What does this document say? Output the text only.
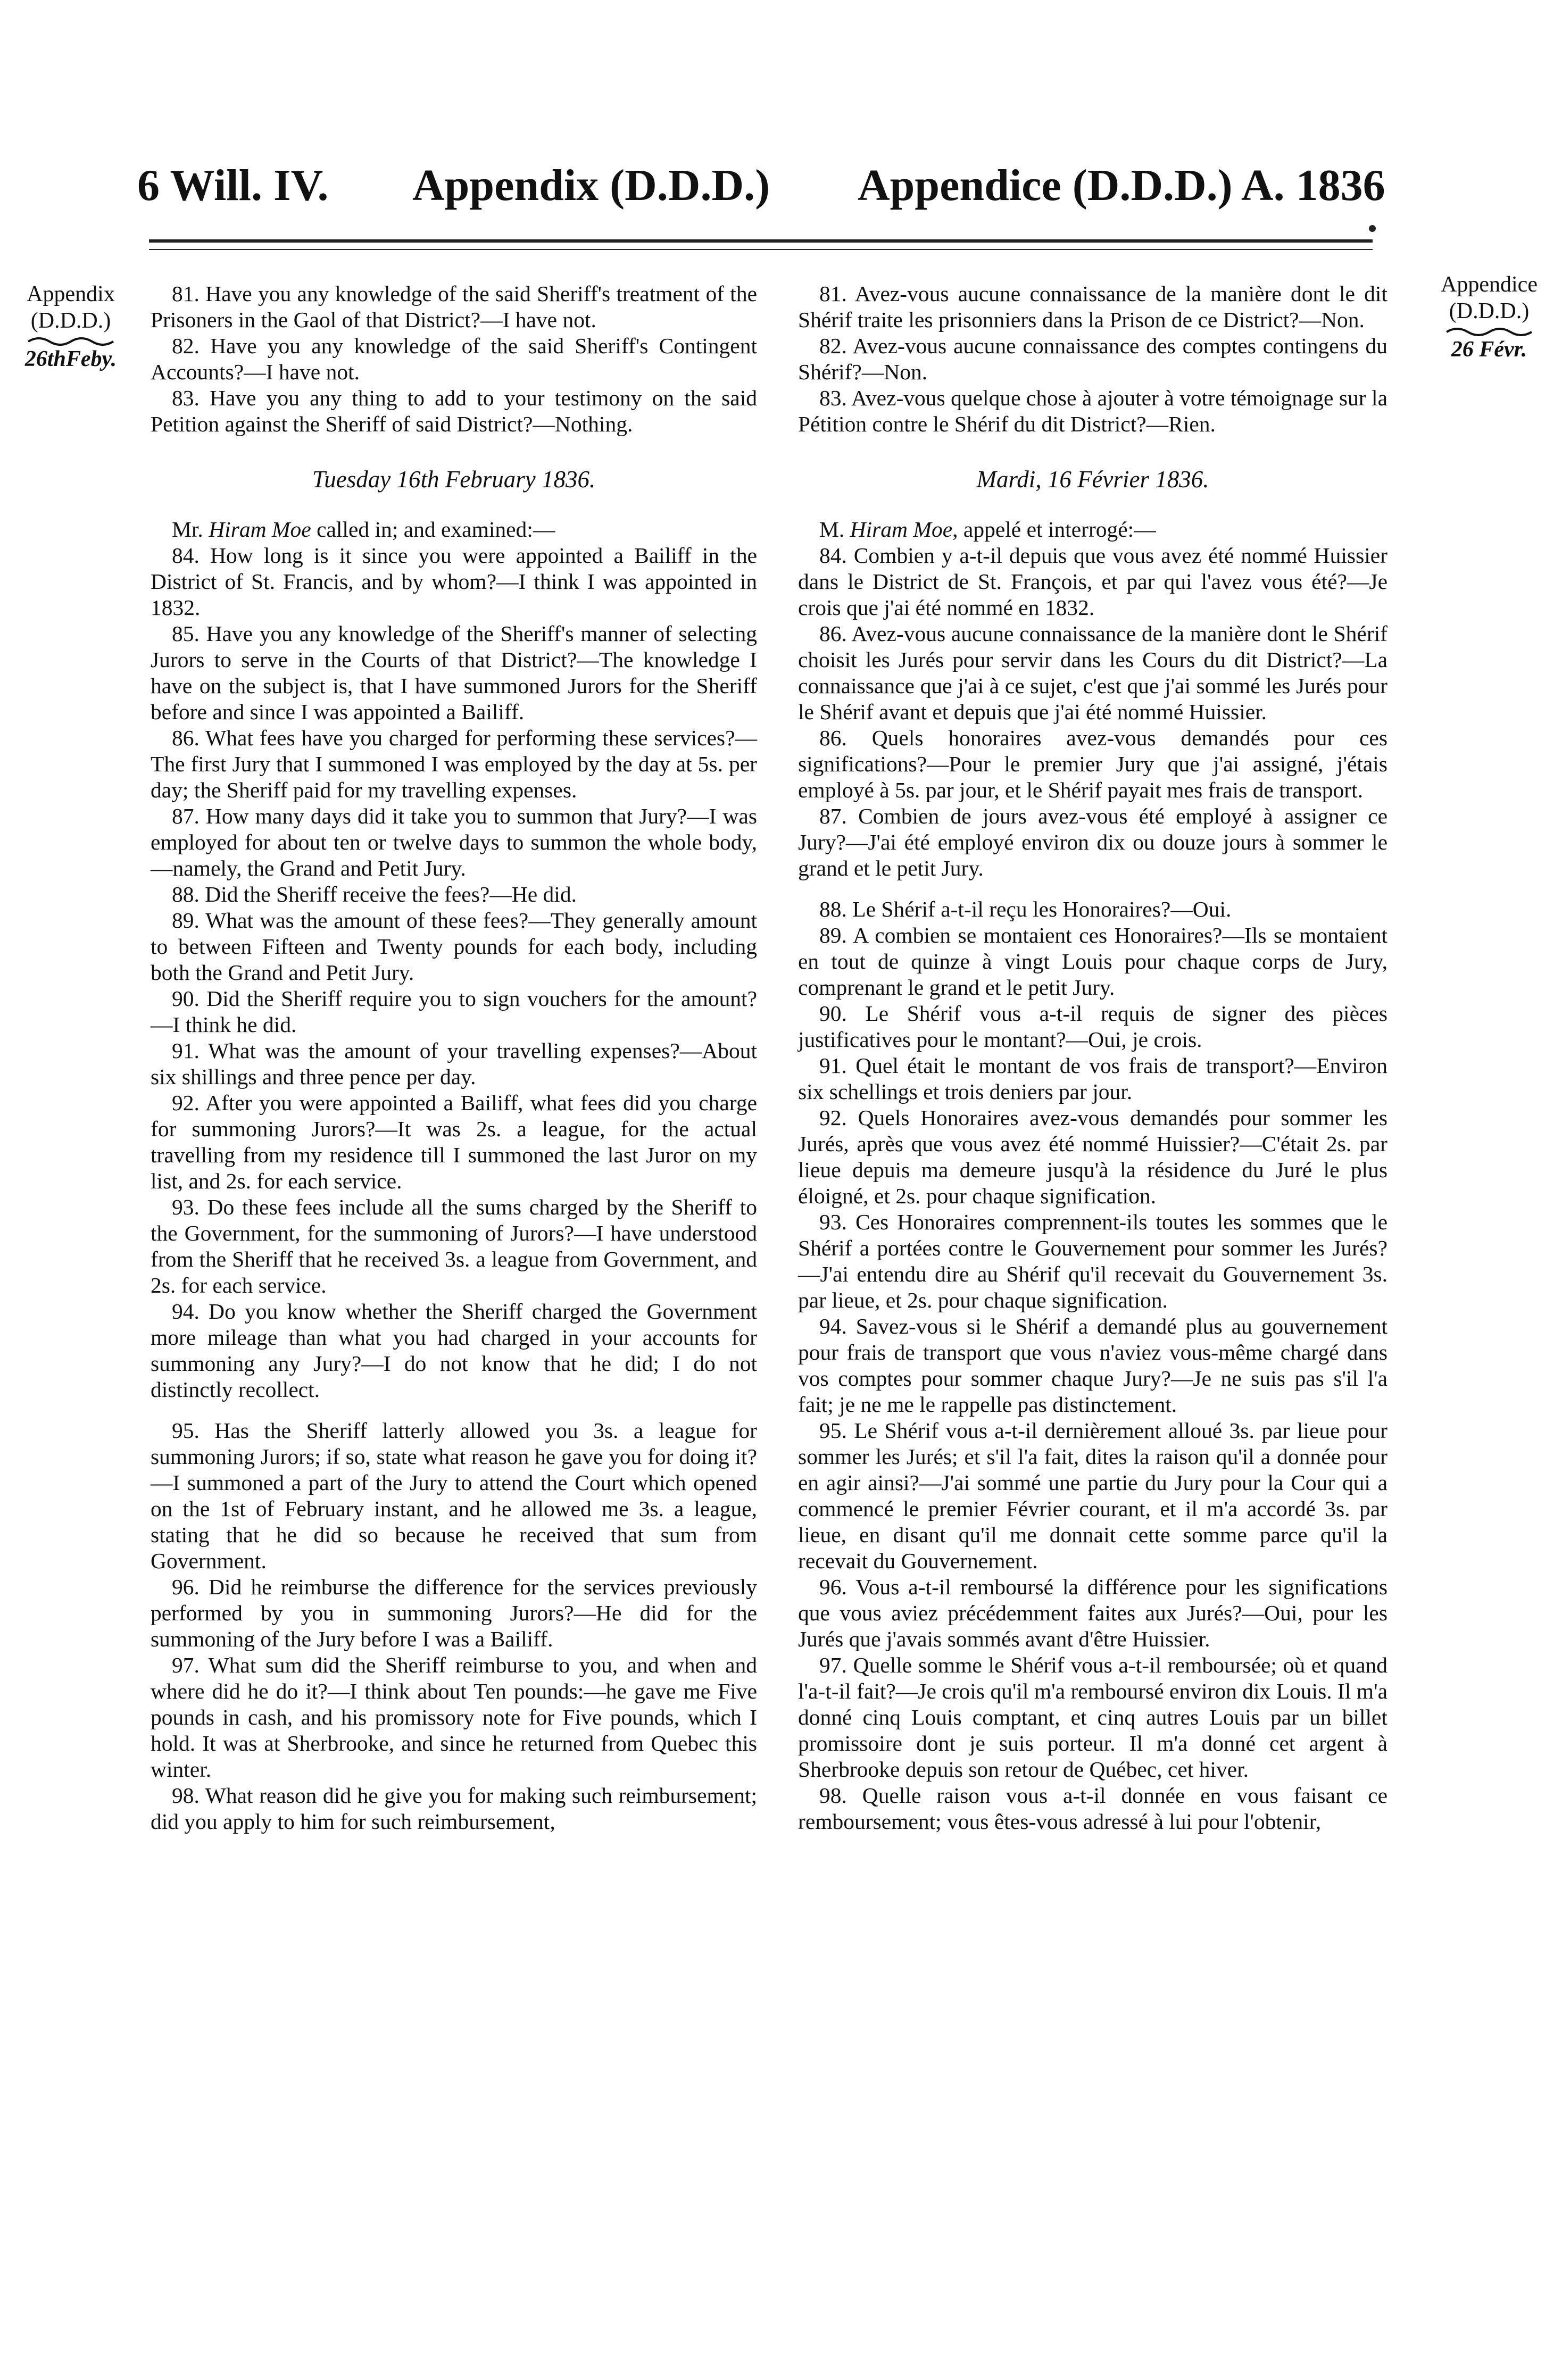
6 Will. IV. Appendix (D.D.D.) Appendice (D.D.D.) A. 1836
Appendix
(D.D.D.)
26thFeby.
Appendice
(D.D.D.)
26 Févr.

81. Have you any knowledge of the said Sheriff's treatment of the Prisoners in the Gaol of that District?—I have not.

82. Have you any knowledge of the said Sheriff's Contingent Accounts?—I have not.

83. Have you any thing to add to your testimony on the said Petition against the Sheriff of said District?—Nothing.

Tuesday 16th February 1836.

Mr. Hiram Moe called in; and examined:—

84. How long is it since you were appointed a Bailiff in the District of St. Francis, and by whom?—I think I was appointed in 1832.

85. Have you any knowledge of the Sheriff's manner of selecting Jurors to serve in the Courts of that District?—The knowledge I have on the subject is, that I have summoned Jurors for the Sheriff before and since I was appointed a Bailiff.

86. What fees have you charged for performing these services?—The first Jury that I summoned I was employed by the day at 5s. per day; the Sheriff paid for my travelling expenses.

87. How many days did it take you to summon that Jury?—I was employed for about ten or twelve days to summon the whole body,—namely, the Grand and Petit Jury.

88. Did the Sheriff receive the fees?—He did.

89. What was the amount of these fees?—They generally amount to between Fifteen and Twenty pounds for each body, including both the Grand and Petit Jury.

90. Did the Sheriff require you to sign vouchers for the amount?—I think he did.

91. What was the amount of your travelling expenses?—About six shillings and three pence per day.

92. After you were appointed a Bailiff, what fees did you charge for summoning Jurors?—It was 2s. a league, for the actual travelling from my residence till I summoned the last Juror on my list, and 2s. for each service.

93. Do these fees include all the sums charged by the Sheriff to the Government, for the summoning of Jurors?—I have understood from the Sheriff that he received 3s. a league from Government, and 2s. for each service.

94. Do you know whether the Sheriff charged the Government more mileage than what you had charged in your accounts for summoning any Jury?—I do not know that he did; I do not distinctly recollect.

95. Has the Sheriff latterly allowed you 3s. a league for summoning Jurors; if so, state what reason he gave you for doing it?—I summoned a part of the Jury to attend the Court which opened on the 1st of February instant, and he allowed me 3s. a league, stating that he did so because he received that sum from Government.

96. Did he reimburse the difference for the services previously performed by you in summoning Jurors?—He did for the summoning of the Jury before I was a Bailiff.

97. What sum did the Sheriff reimburse to you, and when and where did he do it?—I think about Ten pounds:—he gave me Five pounds in cash, and his promissory note for Five pounds, which I hold. It was at Sherbrooke, and since he returned from Quebec this winter.

98. What reason did he give you for making such reimbursement; did you apply to him for such reimbursement,

81. Avez-vous aucune connaissance de la manière dont le dit Shérif traite les prisonniers dans la Prison de ce District?—Non.

82. Avez-vous aucune connaissance des comptes contingens du Shérif?—Non.

83. Avez-vous quelque chose à ajouter à votre témoignage sur la Pétition contre le Shérif du dit District?—Rien.

Mardi, 16 Février 1836.

M. Hiram Moe, appelé et interrogé:—

84. Combien y a-t-il depuis que vous avez été nommé Huissier dans le District de St. François, et par qui l'avez vous été?—Je crois que j'ai été nommé en 1832.

86. Avez-vous aucune connaissance de la manière dont le Shérif choisit les Jurés pour servir dans les Cours du dit District?—La connaissance que j'ai à ce sujet, c'est que j'ai sommé les Jurés pour le Shérif avant et depuis que j'ai été nommé Huissier.

86. Quels honoraires avez-vous demandés pour ces significations?—Pour le premier Jury que j'ai assigné, j'étais employé à 5s. par jour, et le Shérif payait mes frais de transport.

87. Combien de jours avez-vous été employé à assigner ce Jury?—J'ai été employé environ dix ou douze jours à sommer le grand et le petit Jury.

88. Le Shérif a-t-il reçu les Honoraires?—Oui.

89. A combien se montaient ces Honoraires?—Ils se montaient en tout de quinze à vingt Louis pour chaque corps de Jury, comprenant le grand et le petit Jury.

90. Le Shérif vous a-t-il requis de signer des pièces justificatives pour le montant?—Oui, je crois.

91. Quel était le montant de vos frais de transport?—Environ six schellings et trois deniers par jour.

92. Quels Honoraires avez-vous demandés pour sommer les Jurés, après que vous avez été nommé Huissier?—C'était 2s. par lieue depuis ma demeure jusqu'à la résidence du Juré le plus éloigné, et 2s. pour chaque signification.

93. Ces Honoraires comprennent-ils toutes les sommes que le Shérif a portées contre le Gouvernement pour sommer les Jurés?—J'ai entendu dire au Shérif qu'il recevait du Gouvernement 3s. par lieue, et 2s. pour chaque signification.

94. Savez-vous si le Shérif a demandé plus au gouvernement pour frais de transport que vous n'aviez vous-même chargé dans vos comptes pour sommer chaque Jury?—Je ne suis pas s'il l'a fait; je ne me le rappelle pas distinctement.

95. Le Shérif vous a-t-il dernièrement alloué 3s. par lieue pour sommer les Jurés; et s'il l'a fait, dites la raison qu'il a donnée pour en agir ainsi?—J'ai sommé une partie du Jury pour la Cour qui a commencé le premier Février courant, et il m'a accordé 3s. par lieue, en disant qu'il me donnait cette somme parce qu'il la recevait du Gouvernement.

96. Vous a-t-il remboursé la différence pour les significations que vous aviez précédemment faites aux Jurés?—Oui, pour les Jurés que j'avais sommés avant d'être Huissier.

97. Quelle somme le Shérif vous a-t-il remboursée; où et quand l'a-t-il fait?—Je crois qu'il m'a remboursé environ dix Louis. Il m'a donné cinq Louis comptant, et cinq autres Louis par un billet promissoire dont je suis porteur. Il m'a donné cet argent à Sherbrooke depuis son retour de Québec, cet hiver.

98. Quelle raison vous a-t-il donnée en vous faisant ce remboursement; vous êtes-vous adressé à lui pour l'obtenir,
